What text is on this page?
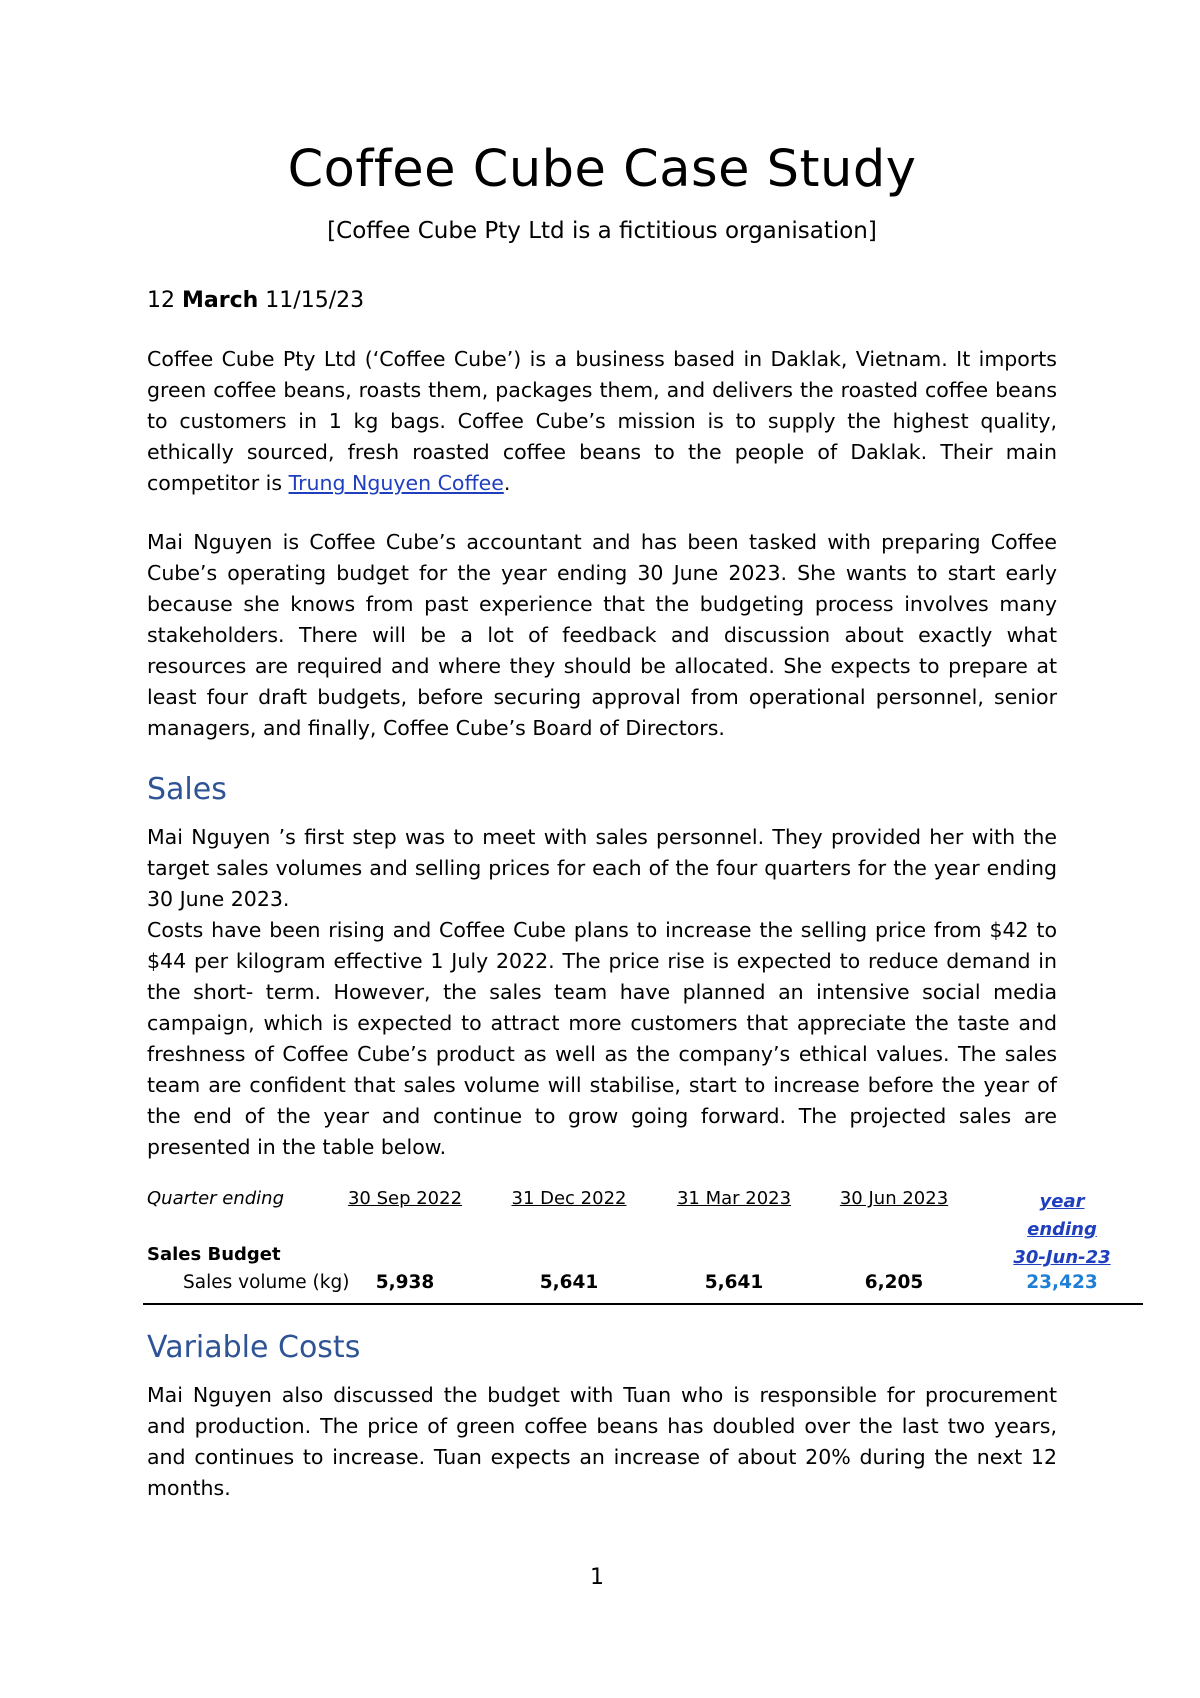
Coffee Cube Case Study
[Coffee Cube Pty Ltd is a fictitious organisation]
12 March 11/15/23

Coffee Cube Pty Ltd (‘Coffee Cube’) is a business based in Daklak, Vietnam. It imports green coffee beans, roasts them, packages them, and delivers the roasted coffee beans to customers in 1 kg bags. Coffee Cube’s mission is to supply the highest quality, ethically sourced, fresh roasted coffee beans to the people of Daklak. Their main competitor is Trung Nguyen Coffee.

Mai Nguyen is Coffee Cube’s accountant and has been tasked with preparing Coffee Cube’s operating budget for the year ending 30 June 2023. She wants to start early because she knows from past experience that the budgeting process involves many stakeholders. There will be a lot of feedback and discussion about exactly what resources are required and where they should be allocated. She expects to prepare at least four draft budgets, before securing approval from operational personnel, senior managers, and finally, Coffee Cube’s Board of Directors.

Sales

Mai Nguyen ’s first step was to meet with sales personnel. They provided her with the target sales volumes and selling prices for each of the four quarters for the year ending 30 June 2023.

Costs have been rising and Coffee Cube plans to increase the selling price from $42 to $44 per kilogram effective 1 July 2022. The price rise is expected to reduce demand in the short- term. However, the sales team have planned an intensive social media campaign, which is expected to attract more customers that appreciate the taste and freshness of Coffee Cube’s product as well as the company’s ethical values. The sales team are confident that sales volume will stabilise, start to increase before the year of the end of the year and continue to grow going forward. The projected sales are presented in the table below.

Quarter ending	30 Sep 2022	31 Dec 2022	31 Mar 2023	30 Jun 2023	year ending
30-Jun-23
Sales Budget
Sales volume (kg)	5,938	5,641	5,641	6,205	23,423
Variable Costs

Mai Nguyen also discussed the budget with Tuan who is responsible for procurement and production. The price of green coffee beans has doubled over the last two years, and continues to increase. Tuan expects an increase of about 20% during the next 12 months.

1
